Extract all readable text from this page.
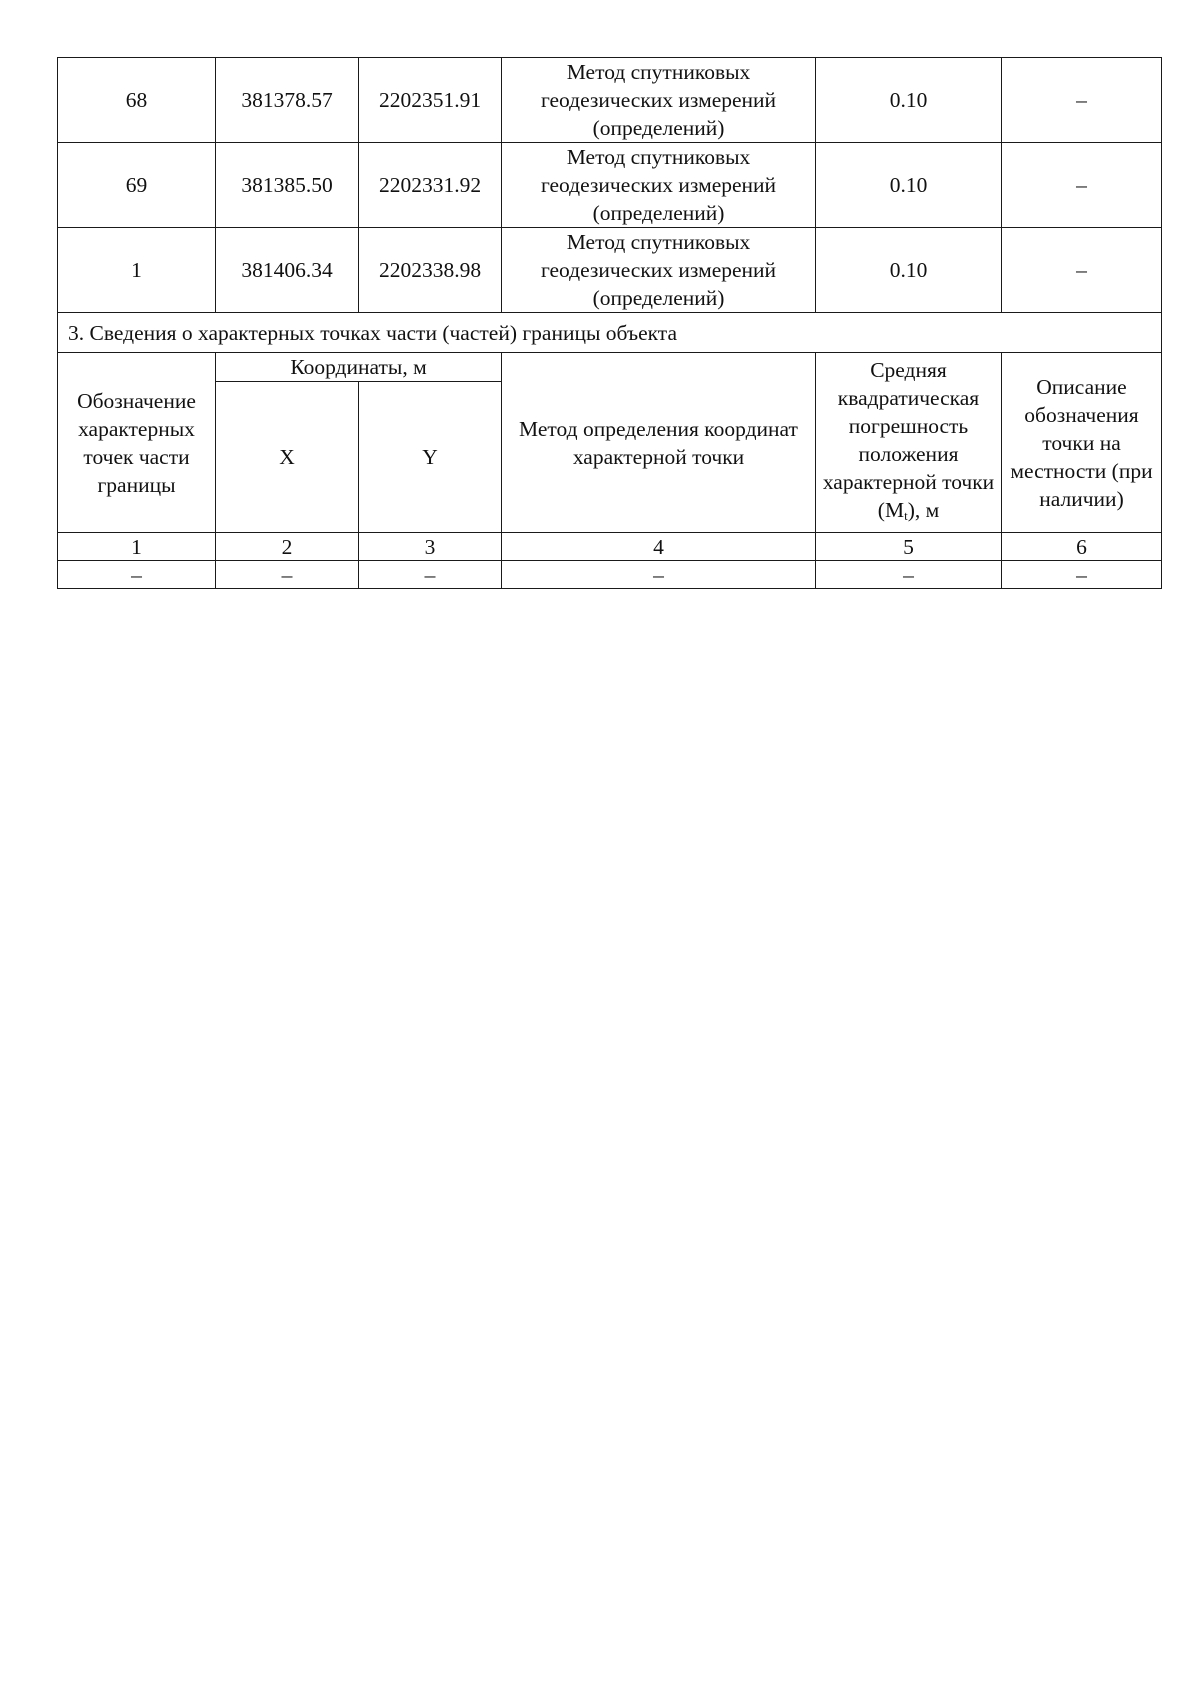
68	381378.57	2202351.91	Метод спутниковых геодезических измерений (определений)	0.10	–
69	381385.50	2202331.92	Метод спутниковых геодезических измерений (определений)	0.10	–
1	381406.34	2202338.98	Метод спутниковых геодезических измерений (определений)	0.10	–
3. Сведения о характерных точках части (частей) границы объекта					
Обозначение характерных точек части границы	Координаты, м		Метод определения координат характерной точки	Средняя квадратическая погрешность положения характерной точки $(M_t)$, м	Описание обозначения точки на местности (при наличии)
	X	Y			
1	2	3	4	5	6
–	–	–	–	–	–
